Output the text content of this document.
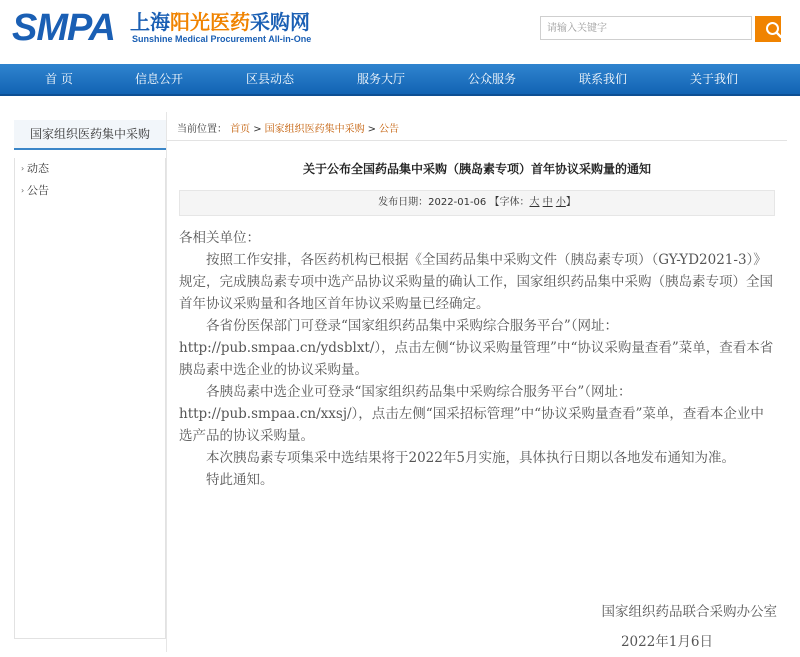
SMPA 上海阳光医药采购网
Sunshine Medical Procurement All-in-One
请输入关键字
首 页	信息公开	区县动态	服务大厅	公众服务	联系我们	关于我们
国家组织医药集中采购
› 动态
› 公告
当前位置： 首页 > 国家组织医药集中采购 > 公告
关于公布全国药品集中采购（胰岛素专项）首年协议采购量的通知
发布日期：2022-01-06 【字体：大 中 小】

各相关单位：

按照工作安排，各医药机构已根据《全国药品集中采购文件（胰岛素专项）（GY-YD2021-3）》规定，完成胰岛素专项中选产品协议采购量的确认工作，国家组织药品集中采购（胰岛素专项）全国首年协议采购量和各地区首年协议采购量已经确定。

各省份医保部门可登录“国家组织药品集中采购综合服务平台”（网址：http://pub.smpaa.cn/ydsblxt/），点击左侧“协议采购量管理”中“协议采购量查看”菜单，查看本省胰岛素中选企业的协议采购量。

各胰岛素中选企业可登录“国家组织药品集中采购综合服务平台”（网址：http://pub.smpaa.cn/xxsj/），点击左侧“国采招标管理”中“协议采购量查看”菜单，查看本企业中选产品的协议采购量。

本次胰岛素专项集采中选结果将于2022年5月实施，具体执行日期以各地发布通知为准。

特此通知。

国家组织药品联合采购办公室
2022年1月6日
